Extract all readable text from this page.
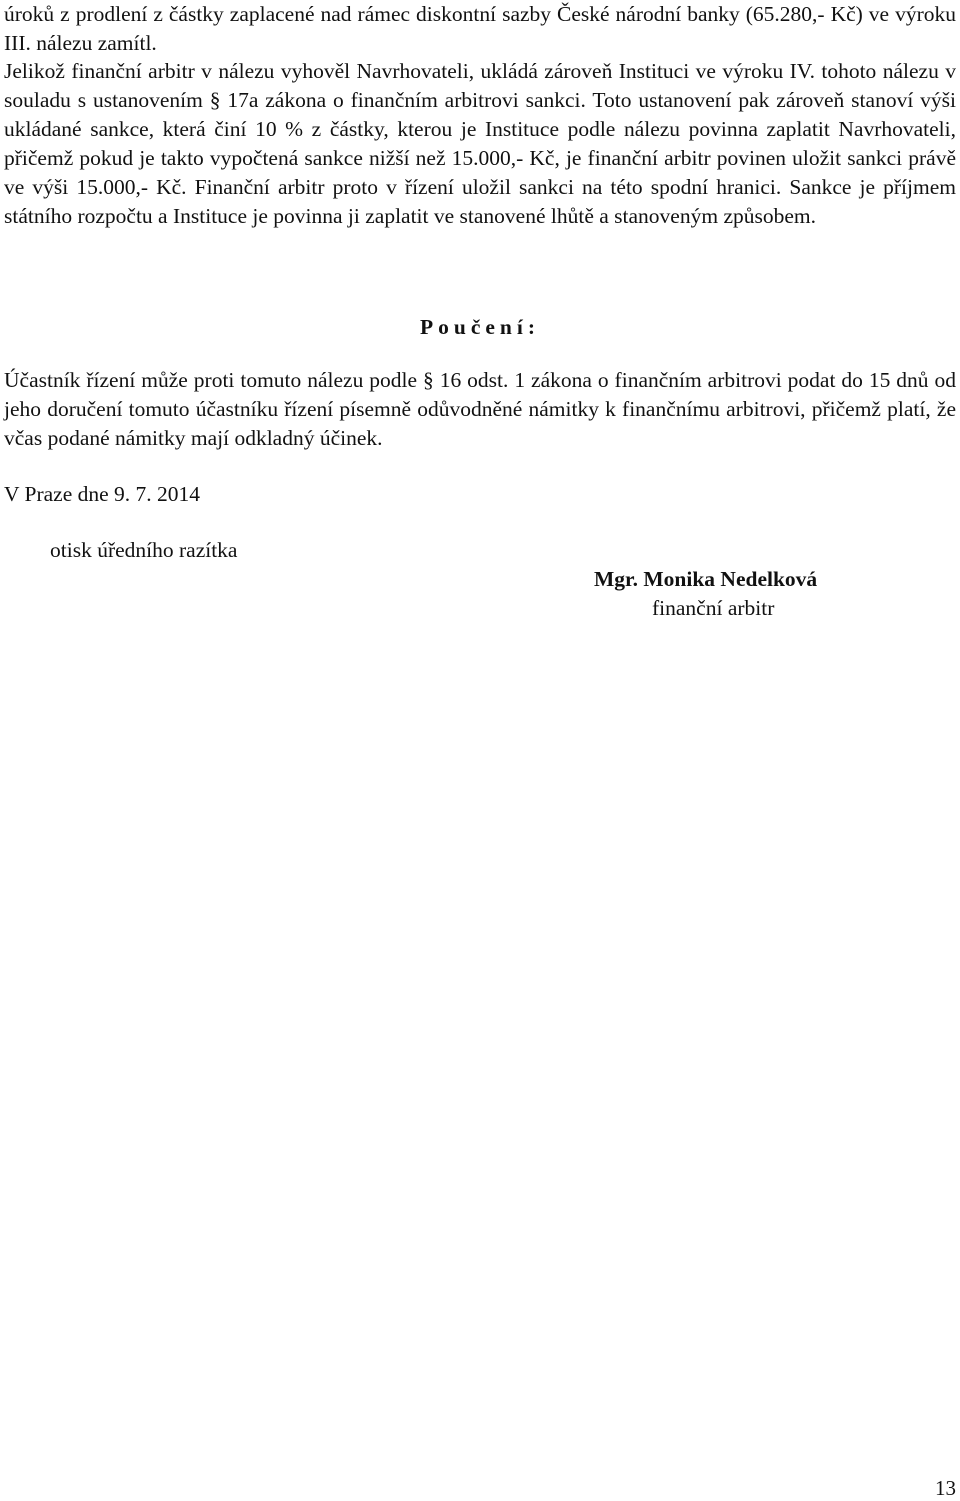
úroků z prodlení z částky zaplacené nad rámec diskontní sazby České národní banky (65.280,- Kč) ve výroku III. nálezu zamítl.

Jelikož finanční arbitr v nálezu vyhověl Navrhovateli, ukládá zároveň Instituci ve výroku IV. tohoto nálezu v souladu s ustanovením § 17a zákona o finančním arbitrovi sankci. Toto ustanovení pak zároveň stanoví výši ukládané sankce, která činí 10 % z částky, kterou je Instituce podle nálezu povinna zaplatit Navrhovateli, přičemž pokud je takto vypočtená sankce nižší než 15.000,- Kč, je finanční arbitr povinen uložit sankci právě ve výši 15.000,- Kč. Finanční arbitr proto v řízení uložil sankci na této spodní hranici. Sankce je příjmem státního rozpočtu a Instituce je povinna ji zaplatit ve stanovené lhůtě a stanoveným způsobem.

Poučení:

Účastník řízení může proti tomuto nálezu podle § 16 odst. 1 zákona o finančním arbitrovi podat do 15 dnů od jeho doručení tomuto účastníku řízení písemně odůvodněné námitky k finančnímu arbitrovi, přičemž platí, že včas podané námitky mají odkladný účinek.

V Praze dne 9. 7. 2014

otisk úředního razítka

Mgr. Monika Nedelková
finanční arbitr

13
